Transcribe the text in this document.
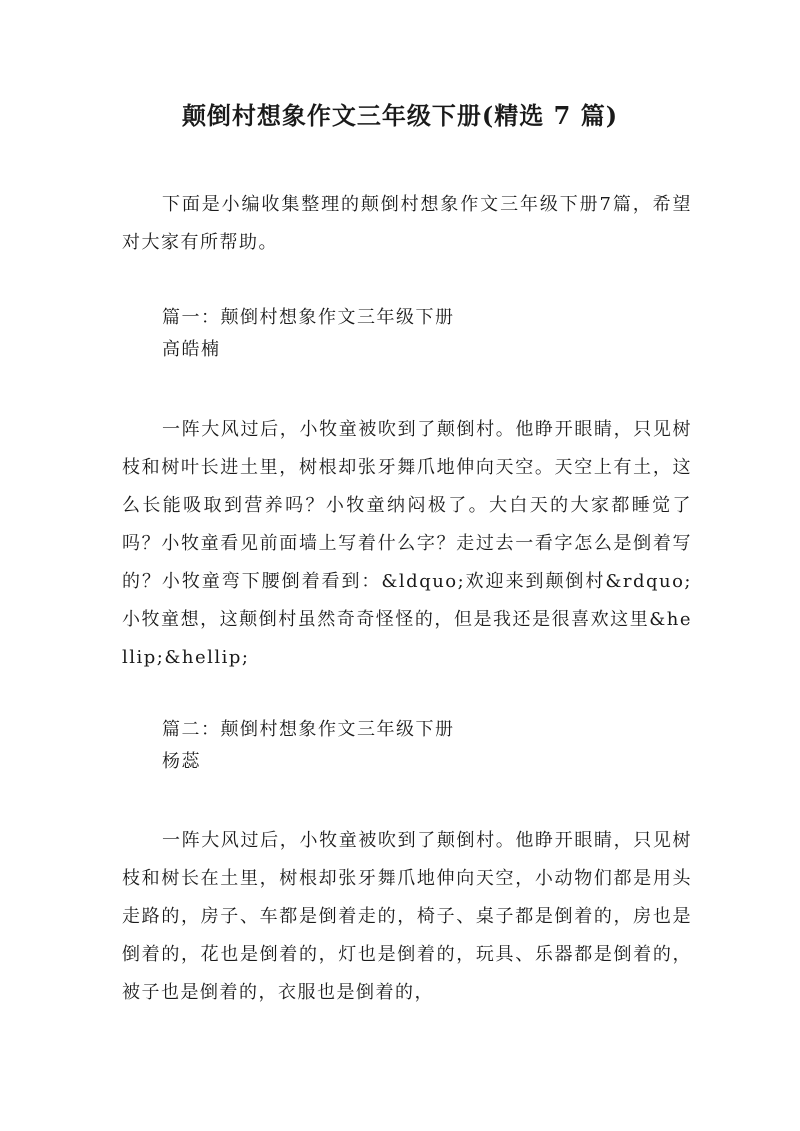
颠倒村想象作文三年级下册(精选 7 篇)

下面是小编收集整理的颠倒村想象作文三年级下册7篇，希望对大家有所帮助。

篇一：颠倒村想象作文三年级下册
高皓楠

一阵大风过后，小牧童被吹到了颠倒村。他睁开眼睛，只见树枝和树叶长进土里，树根却张牙舞爪地伸向天空。天空上有土，这么长能吸取到营养吗？小牧童纳闷极了。大白天的大家都睡觉了吗？小牧童看见前面墙上写着什么字？走过去一看字怎么是倒着写的？小牧童弯下腰倒着看到：&ldquo;欢迎来到颠倒村&rdquo;小牧童想，这颠倒村虽然奇奇怪怪的，但是我还是很喜欢这里&hellip;&hellip;

篇二：颠倒村想象作文三年级下册
杨蕊

一阵大风过后，小牧童被吹到了颠倒村。他睁开眼睛，只见树枝和树长在土里，树根却张牙舞爪地伸向天空，小动物们都是用头走路的，房子、车都是倒着走的，椅子、桌子都是倒着的，房也是倒着的，花也是倒着的，灯也是倒着的，玩具、乐器都是倒着的，被子也是倒着的，衣服也是倒着的，
